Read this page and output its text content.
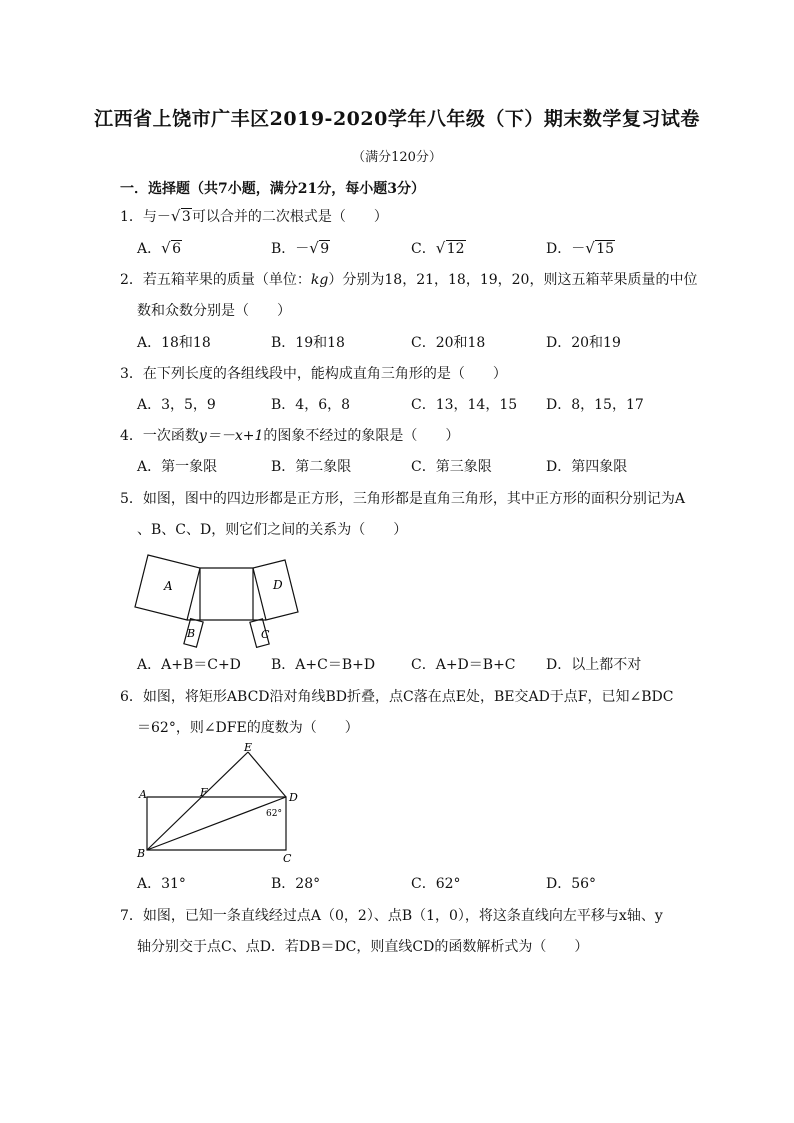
江西省上饶市广丰区2019-2020学年八年级（下）期末数学复习试卷
（满分120分）
一．选择题（共7小题，满分21分，每小题3分）
1．与－ √ 3可以合并的二次根式是（　　）
A． √ 6	B．－ √ 9	C． √ 12	D．－ √ 15
2．若五箱苹果的质量（单位：kg）分别为18，21，18，19，20，则这五箱苹果质量的中位
数和众数分别是（　　）
A．18和18	B．19和18	C．20和18	D．20和19
3．在下列长度的各组线段中，能构成直角三角形的是（　　）
A．3，5，9	B．4，6，8	C．13，14，15 D．8，15，17
4．一次函数y＝－x+1的图象不经过的象限是（　　）
A．第一象限	B．第二象限	C．第三象限	D．第四象限
5．如图，图中的四边形都是正方形，三角形都是直角三角形，其中正方形的面积分别记为A
、B、C、D，则它们之间的关系为（　　）
A
B
D
C
A．A+B＝C+D B．A+C＝B+D	C．A+D＝B+C D．以上都不对
6．如图，将矩形ABCD沿对角线BD折叠，点C落在点E处，BE交AD于点F，已知∠BDC
＝62°，则∠DFE的度数为（　　）
A
B	C
D
E
F
62°
A．31°	B．28°	C．62°	D．56°
7．如图，已知一条直线经过点A（0，2）、点B（1，0），将这条直线向左平移与x轴、y
轴分别交于点C、点D．若DB＝DC，则直线CD的函数解析式为（　　）
